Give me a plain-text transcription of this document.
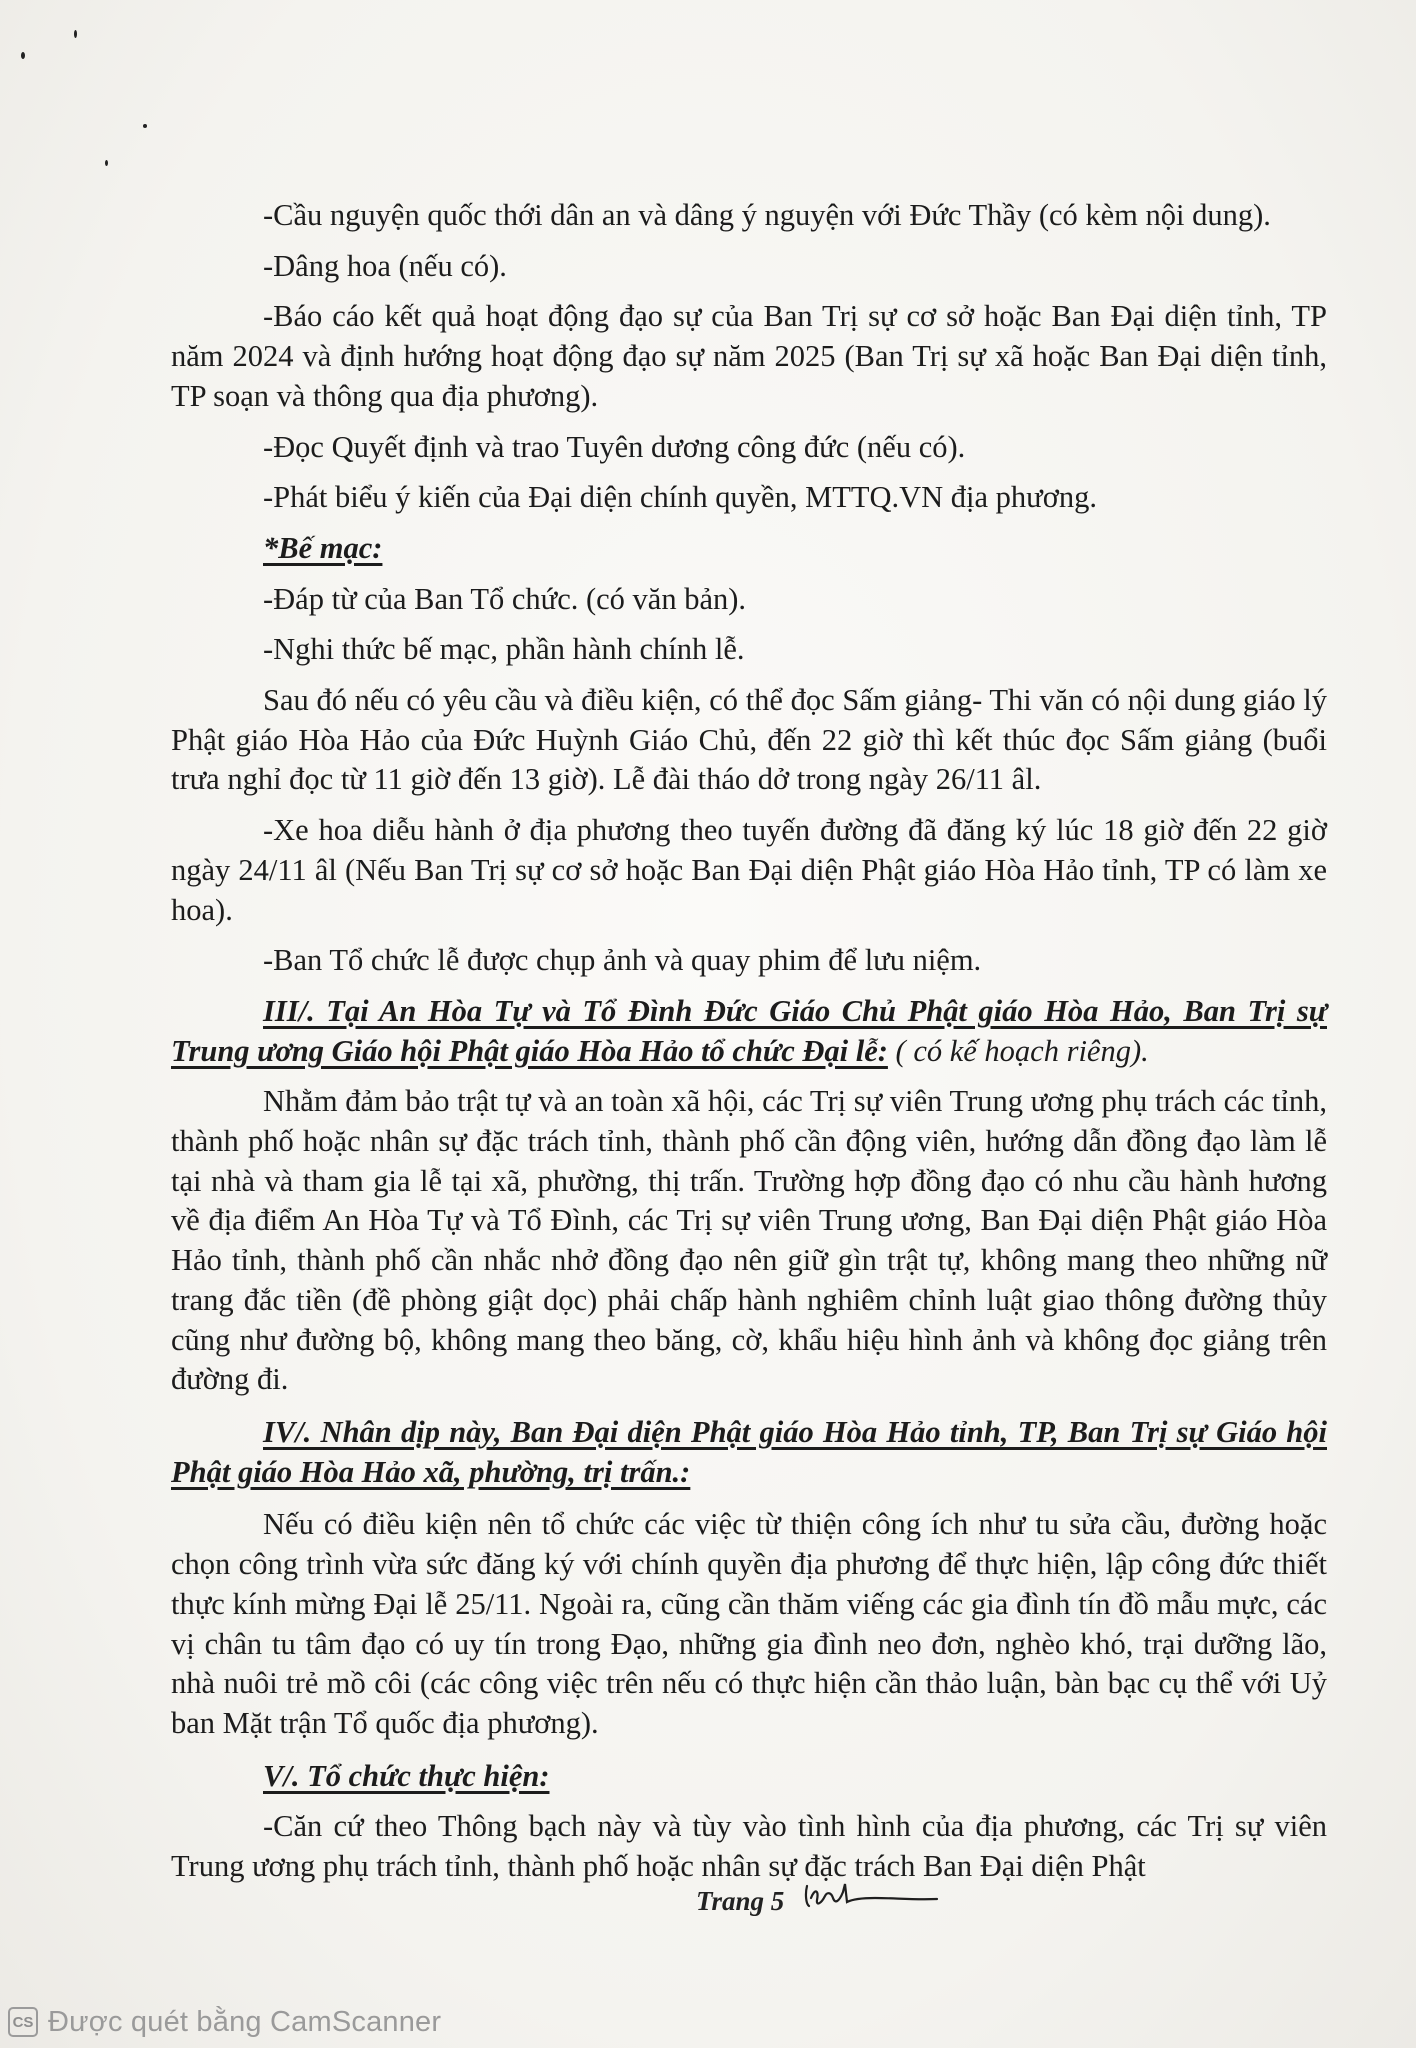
-Cầu nguyện quốc thới dân an và dâng ý nguyện với Đức Thầy (có kèm nội dung).

-Dâng hoa (nếu có).

-Báo cáo kết quả hoạt động đạo sự của Ban Trị sự cơ sở hoặc Ban Đại diện tỉnh, TP năm 2024 và định hướng hoạt động đạo sự năm 2025 (Ban Trị sự xã hoặc Ban Đại diện tỉnh, TP soạn và thông qua địa phương).

-Đọc Quyết định và trao Tuyên dương công đức (nếu có).

-Phát biểu ý kiến của Đại diện chính quyền, MTTQ.VN địa phương.

*Bế mạc:

-Đáp từ của Ban Tổ chức. (có văn bản).

-Nghi thức bế mạc, phần hành chính lễ.

Sau đó nếu có yêu cầu và điều kiện, có thể đọc Sấm giảng- Thi văn có nội dung giáo lý Phật giáo Hòa Hảo của Đức Huỳnh Giáo Chủ, đến 22 giờ thì kết thúc đọc Sấm giảng (buổi trưa nghỉ đọc từ 11 giờ đến 13 giờ). Lễ đài tháo dở trong ngày 26/11 âl.

-Xe hoa diễu hành ở địa phương theo tuyến đường đã đăng ký lúc 18 giờ đến 22 giờ ngày 24/11 âl (Nếu Ban Trị sự cơ sở hoặc Ban Đại diện Phật giáo Hòa Hảo tỉnh, TP có làm xe hoa).

-Ban Tổ chức lễ được chụp ảnh và quay phim để lưu niệm.

III/. Tại An Hòa Tự và Tổ Đình Đức Giáo Chủ Phật giáo Hòa Hảo, Ban Trị sự Trung ương Giáo hội Phật giáo Hòa Hảo tổ chức Đại lễ: ( có kế hoạch riêng).

Nhằm đảm bảo trật tự và an toàn xã hội, các Trị sự viên Trung ương phụ trách các tỉnh, thành phố hoặc nhân sự đặc trách tỉnh, thành phố cần động viên, hướng dẫn đồng đạo làm lễ tại nhà và tham gia lễ tại xã, phường, thị trấn. Trường hợp đồng đạo có nhu cầu hành hương về địa điểm An Hòa Tự và Tổ Đình, các Trị sự viên Trung ương, Ban Đại diện Phật giáo Hòa Hảo tỉnh, thành phố cần nhắc nhở đồng đạo nên giữ gìn trật tự, không mang theo những nữ trang đắc tiền (đề phòng giật dọc) phải chấp hành nghiêm chỉnh luật giao thông đường thủy cũng như đường bộ, không mang theo băng, cờ, khẩu hiệu hình ảnh và không đọc giảng trên đường đi.

IV/. Nhân dịp này, Ban Đại diện Phật giáo Hòa Hảo tỉnh, TP, Ban Trị sự Giáo hội Phật giáo Hòa Hảo xã, phường, trị trấn.:

Nếu có điều kiện nên tổ chức các việc từ thiện công ích như tu sửa cầu, đường hoặc chọn công trình vừa sức đăng ký với chính quyền địa phương để thực hiện, lập công đức thiết thực kính mừng Đại lễ 25/11. Ngoài ra, cũng cần thăm viếng các gia đình tín đồ mẫu mực, các vị chân tu tâm đạo có uy tín trong Đạo, những gia đình neo đơn, nghèo khó, trại dưỡng lão, nhà nuôi trẻ mồ côi (các công việc trên nếu có thực hiện cần thảo luận, bàn bạc cụ thể với Uỷ ban Mặt trận Tổ quốc địa phương).

V/. Tổ chức thực hiện:

-Căn cứ theo Thông bạch này và tùy vào tình hình của địa phương, các Trị sự viên Trung ương phụ trách tỉnh, thành phố hoặc nhân sự đặc trách Ban Đại diện Phật

Trang 5
CS Được quét bằng CamScanner
